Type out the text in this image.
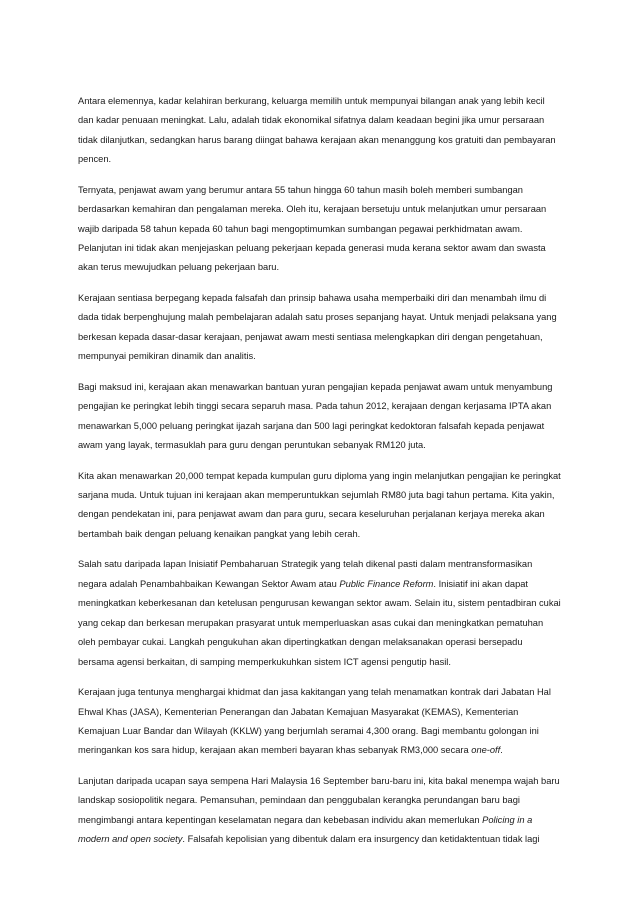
Antara elemennya, kadar kelahiran berkurang, keluarga memilih untuk mempunyai bilangan anak yang lebih kecil
dan kadar penuaan meningkat. Lalu, adalah tidak ekonomikal sifatnya dalam keadaan begini jika umur persaraan
tidak dilanjutkan, sedangkan harus barang diingat bahawa kerajaan akan menanggung kos gratuiti dan pembayaran
pencen.

Ternyata, penjawat awam yang berumur antara 55 tahun hingga 60 tahun masih boleh memberi sumbangan
berdasarkan kemahiran dan pengalaman mereka. Oleh itu, kerajaan bersetuju untuk melanjutkan umur persaraan
wajib daripada 58 tahun kepada 60 tahun bagi mengoptimumkan sumbangan pegawai perkhidmatan awam.
Pelanjutan ini tidak akan menjejaskan peluang pekerjaan kepada generasi muda kerana sektor awam dan swasta
akan terus mewujudkan peluang pekerjaan baru.

Kerajaan sentiasa berpegang kepada falsafah dan prinsip bahawa usaha memperbaiki diri dan menambah ilmu di
dada tidak berpenghujung malah pembelajaran adalah satu proses sepanjang hayat. Untuk menjadi pelaksana yang
berkesan kepada dasar-dasar kerajaan, penjawat awam mesti sentiasa melengkapkan diri dengan pengetahuan,
mempunyai pemikiran dinamik dan analitis.

Bagi maksud ini, kerajaan akan menawarkan bantuan yuran pengajian kepada penjawat awam untuk menyambung
pengajian ke peringkat lebih tinggi secara separuh masa. Pada tahun 2012, kerajaan dengan kerjasama IPTA akan
menawarkan 5,000 peluang peringkat ijazah sarjana dan 500 lagi peringkat kedoktoran falsafah kepada penjawat
awam yang layak, termasuklah para guru dengan peruntukan sebanyak RM120 juta.

Kita akan menawarkan 20,000 tempat kepada kumpulan guru diploma yang ingin melanjutkan pengajian ke peringkat
sarjana muda. Untuk tujuan ini kerajaan akan memperuntukkan sejumlah RM80 juta bagi tahun pertama. Kita yakin,
dengan pendekatan ini, para penjawat awam dan para guru, secara keseluruhan perjalanan kerjaya mereka akan
bertambah baik dengan peluang kenaikan pangkat yang lebih cerah.

Salah satu daripada lapan Inisiatif Pembaharuan Strategik yang telah dikenal pasti dalam mentransformasikan
negara adalah Penambahbaikan Kewangan Sektor Awam atau Public Finance Reform. Inisiatif ini akan dapat
meningkatkan keberkesanan dan ketelusan pengurusan kewangan sektor awam. Selain itu, sistem pentadbiran cukai
yang cekap dan berkesan merupakan prasyarat untuk memperluaskan asas cukai dan meningkatkan pematuhan
oleh pembayar cukai. Langkah pengukuhan akan dipertingkatkan dengan melaksanakan operasi bersepadu
bersama agensi berkaitan, di samping memperkukuhkan sistem ICT agensi pengutip hasil.

Kerajaan juga tentunya menghargai khidmat dan jasa kakitangan yang telah menamatkan kontrak dari Jabatan Hal
Ehwal Khas (JASA), Kementerian Penerangan dan Jabatan Kemajuan Masyarakat (KEMAS), Kementerian
Kemajuan Luar Bandar dan Wilayah (KKLW) yang berjumlah seramai 4,300 orang. Bagi membantu golongan ini
meringankan kos sara hidup, kerajaan akan memberi bayaran khas sebanyak RM3,000 secara one-off.

Lanjutan daripada ucapan saya sempena Hari Malaysia 16 September baru-baru ini, kita bakal menempa wajah baru
landskap sosiopolitik negara. Pemansuhan, pemindaan dan penggubalan kerangka perundangan baru bagi
mengimbangi antara kepentingan keselamatan negara dan kebebasan individu akan memerlukan Policing in a
modern and open society. Falsafah kepolisian yang dibentuk dalam era insurgency dan ketidaktentuan tidak lagi
